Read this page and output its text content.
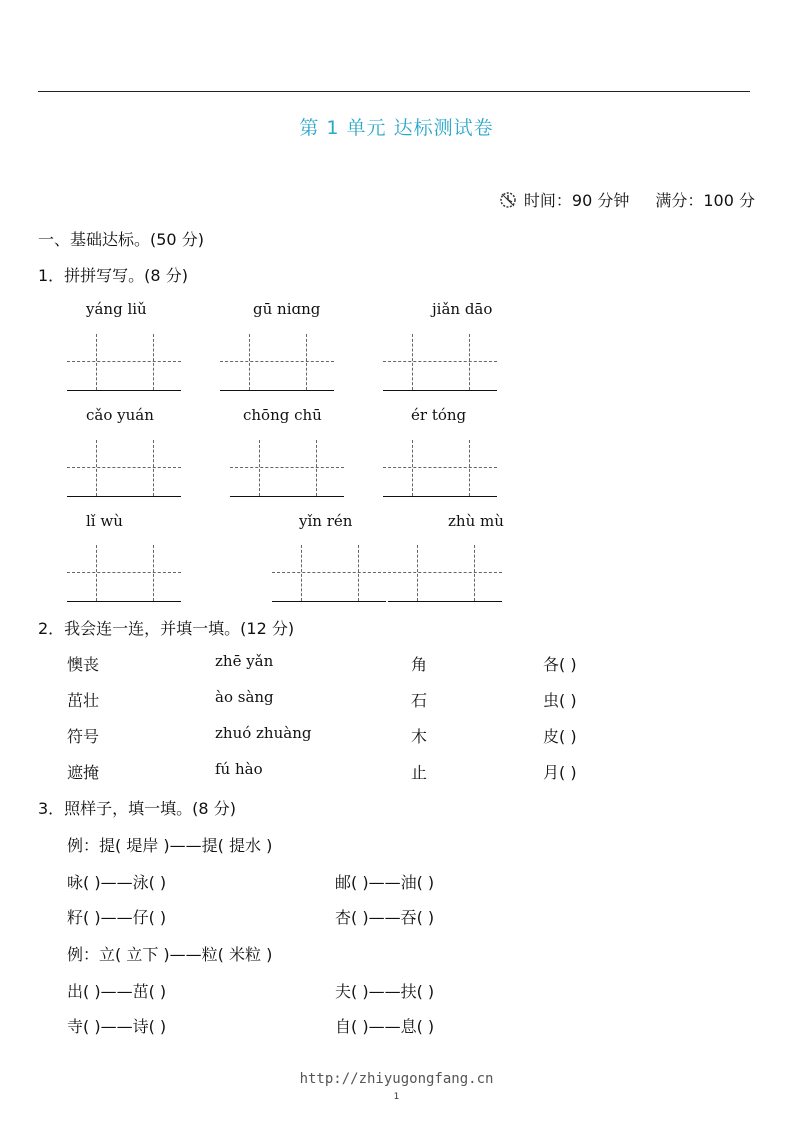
第 1 单元 达标测试卷
时间：90 分钟 满分：100 分
一、基础达标。(50 分)
1．拼拼写写。(8 分)
yáng liǔ	gū niɑng	jiǎn dāo
cǎo yuán	chōng chū	ér tóng
lǐ wù	yǐn rén	zhù mù
2．我会连一连，并填一填。(12 分)
懊丧	zhē yǎn	角	各( )
茁壮	ào sàng	石	虫( )
符号	zhuó zhuàng	木	皮( )
遮掩	fú hào	止	月( )
3．照样子，填一填。(8 分)
例：提( 堤岸 )——提( 提水 )
咏( )——泳( )	邮( )——油( )
籽( )——仔( )	杏( )——吞( )
例：立( 立下 )——粒( 米粒 )
出( )——茁( )	夫( )——扶( )
寺( )——诗( )	自( )——息( )
http://zhiyugongfang.cn
1
